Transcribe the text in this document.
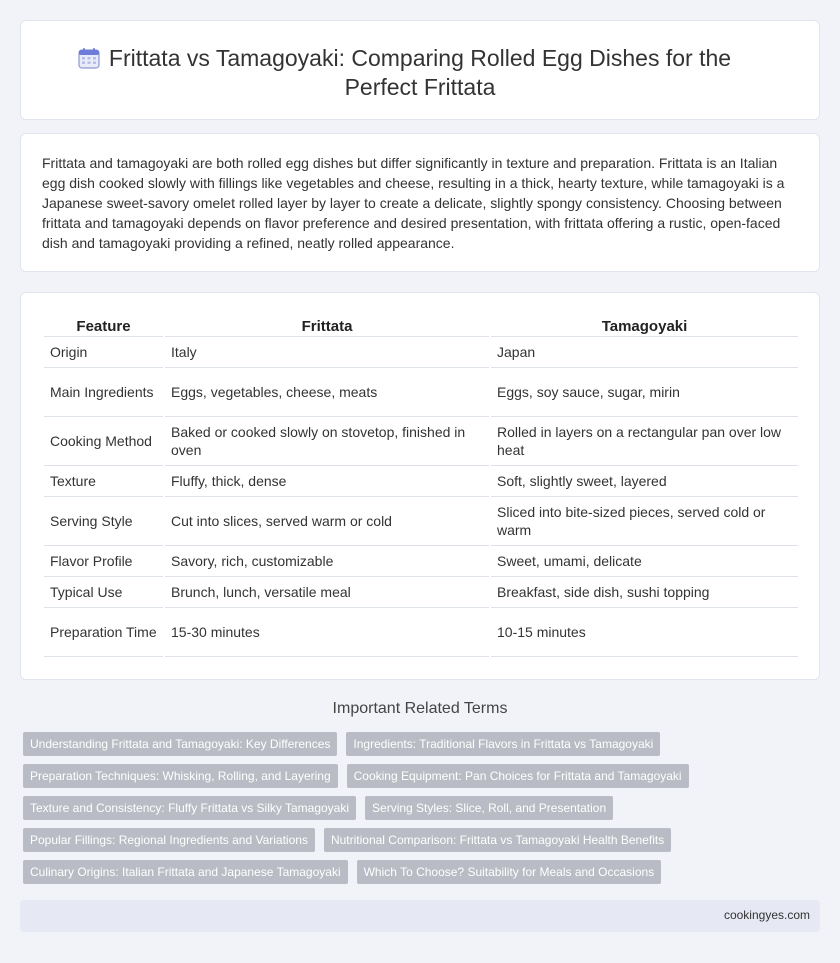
Frittata vs Tamagoyaki: Comparing Rolled Egg Dishes for the Perfect Frittata

Frittata and tamagoyaki are both rolled egg dishes but differ significantly in texture and preparation. Frittata is an Italian egg dish cooked slowly with fillings like vegetables and cheese, resulting in a thick, hearty texture, while tamagoyaki is a Japanese sweet-savory omelet rolled layer by layer to create a delicate, slightly spongy consistency. Choosing between frittata and tamagoyaki depends on flavor preference and desired presentation, with frittata offering a rustic, open-faced dish and tamagoyaki providing a refined, neatly rolled appearance.

Feature	Frittata	Tamagoyaki
Origin	Italy	Japan
Main Ingredients	Eggs, vegetables, cheese, meats	Eggs, soy sauce, sugar, mirin
Cooking Method	Baked or cooked slowly on stovetop, finished in oven	Rolled in layers on a rectangular pan over low heat
Texture	Fluffy, thick, dense	Soft, slightly sweet, layered
Serving Style	Cut into slices, served warm or cold	Sliced into bite-sized pieces, served cold or warm
Flavor Profile	Savory, rich, customizable	Sweet, umami, delicate
Typical Use	Brunch, lunch, versatile meal	Breakfast, side dish, sushi topping
Preparation Time	15-30 minutes	10-15 minutes
Important Related Terms
Understanding Frittata and Tamagoyaki: Key Differences	Ingredients: Traditional Flavors in Frittata vs Tamagoyaki
Preparation Techniques: Whisking, Rolling, and Layering	Cooking Equipment: Pan Choices for Frittata and Tamagoyaki
Texture and Consistency: Fluffy Frittata vs Silky Tamagoyaki	Serving Styles: Slice, Roll, and Presentation
Popular Fillings: Regional Ingredients and Variations	Nutritional Comparison: Frittata vs Tamagoyaki Health Benefits
Culinary Origins: Italian Frittata and Japanese Tamagoyaki	Which To Choose? Suitability for Meals and Occasions
cookingyes.com
